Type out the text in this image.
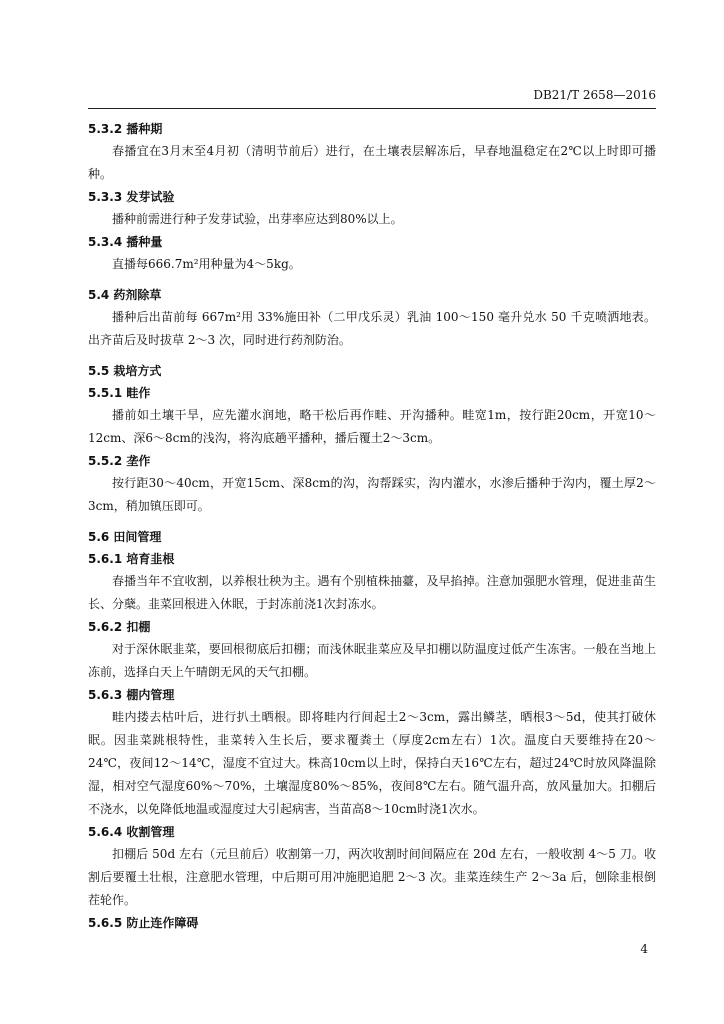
DB21/T 2658—2016
5.3.2 播种期
春播宜在3月末至4月初（清明节前后）进行，在土壤表层解冻后，早春地温稳定在2℃以上时即可播种。
5.3.3 发芽试验
播种前需进行种子发芽试验，出芽率应达到80%以上。
5.3.4 播种量
直播每666.7m²用种量为4～5kg。
5.4 药剂除草
播种后出苗前每 667m²用 33%施田补（二甲戊乐灵）乳油 100～150 毫升兑水 50 千克喷洒地表。出齐苗后及时拔草 2～3 次，同时进行药剂防治。
5.5 栽培方式
5.5.1 畦作
播前如土壤干旱，应先灌水润地，略干松后再作畦、开沟播种。畦宽1m，按行距20cm，开宽10～12cm、深6～8cm的浅沟，将沟底趟平播种，播后覆土2～3cm。
5.5.2 垄作
按行距30～40cm，开宽15cm、深8cm的沟，沟帮踩实，沟内灌水，水渗后播种于沟内，覆土厚2～3cm，稍加镇压即可。
5.6 田间管理
5.6.1 培育韭根
春播当年不宜收割，以养根壮秧为主。遇有个别植株抽薹，及早掐掉。注意加强肥水管理，促进韭苗生长、分蘖。韭菜回根进入休眠，于封冻前浇1次封冻水。
5.6.2 扣棚
对于深休眠韭菜，要回根彻底后扣棚；而浅休眠韭菜应及早扣棚以防温度过低产生冻害。一般在当地上冻前，选择白天上午晴朗无风的天气扣棚。
5.6.3 棚内管理
畦内搂去枯叶后，进行扒土晒根。即将畦内行间起土2～3cm，露出鳞茎，晒根3～5d，使其打破休眠。因韭菜跳根特性，韭菜转入生长后，要求覆粪土（厚度2cm左右）1次。温度白天要维持在20～24℃，夜间12～14℃，湿度不宜过大。株高10cm以上时，保持白天16℃左右，超过24℃时放风降温除湿，相对空气湿度60%～70%，土壤湿度80%～85%，夜间8℃左右。随气温升高，放风量加大。扣棚后不浇水，以免降低地温或湿度过大引起病害，当苗高8～10cm时浇1次水。
5.6.4 收割管理
扣棚后 50d 左右（元旦前后）收割第一刀，两次收割时间间隔应在 20d 左右，一般收割 4～5 刀。收割后要覆土壮根，注意肥水管理，中后期可用冲施肥追肥 2～3 次。韭菜连续生产 2～3a 后，刨除韭根倒茬轮作。
5.6.5 防止连作障碍
4
